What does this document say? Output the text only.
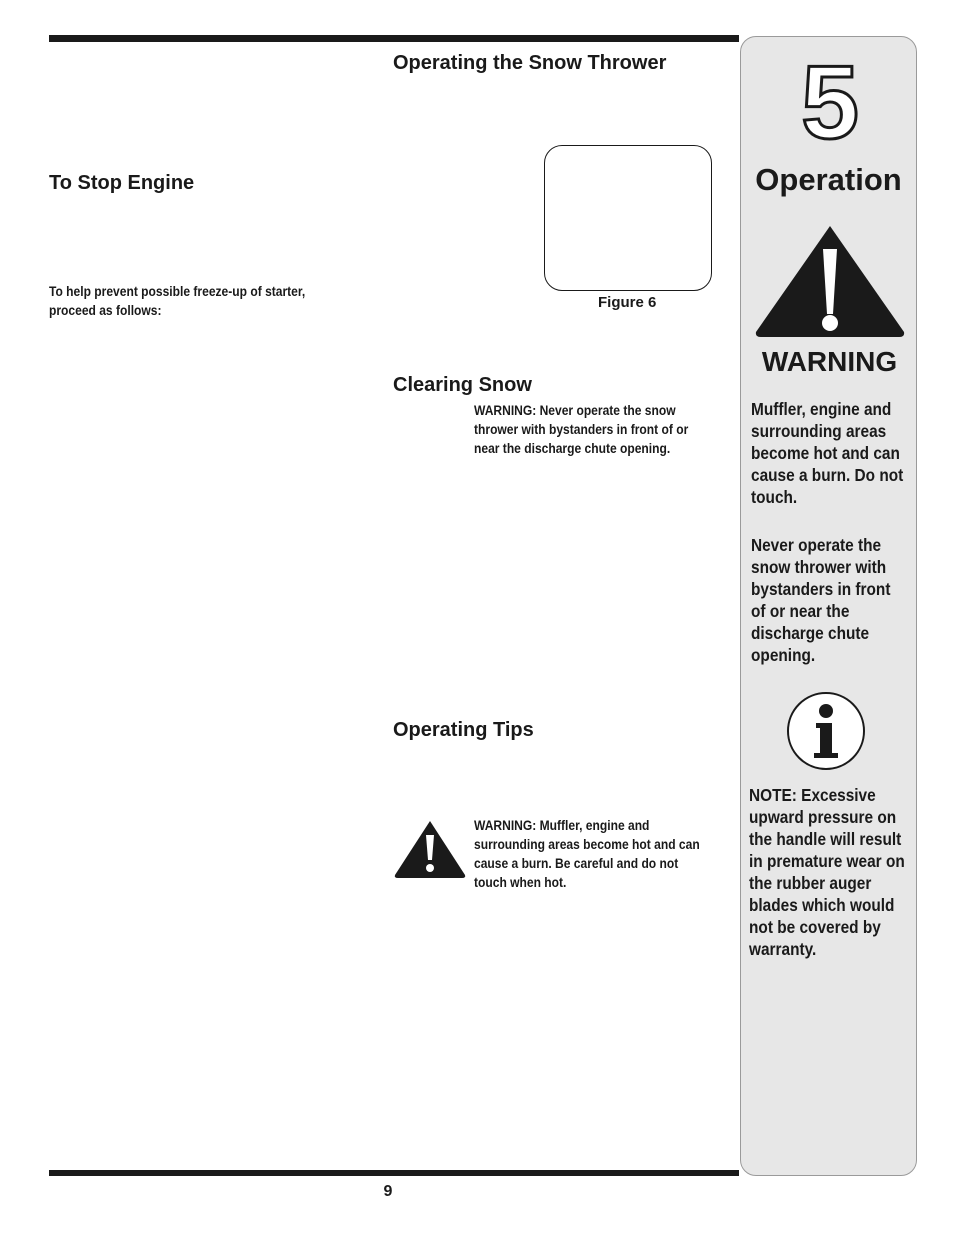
Operating the Snow Thrower
To Stop Engine
To help prevent possible freeze-up of starter, proceed as follows:	Figure 6
Clearing Snow
WARNING: Never operate the snow thrower with bystanders in front of or near the discharge chute opening.
Operating Tips
WARNING: Muffler, engine and surrounding areas become hot and can cause a burn. Be careful and do not touch when hot.
5
Operation
WARNING
Muffler, engine and surrounding areas become hot and can cause a burn. Do not touch.
Never operate the snow thrower with bystanders in front of or near the discharge chute opening.
NOTE: Excessive upward pressure on the handle will result in premature wear on the rubber auger blades which would not be covered by warranty.
9
